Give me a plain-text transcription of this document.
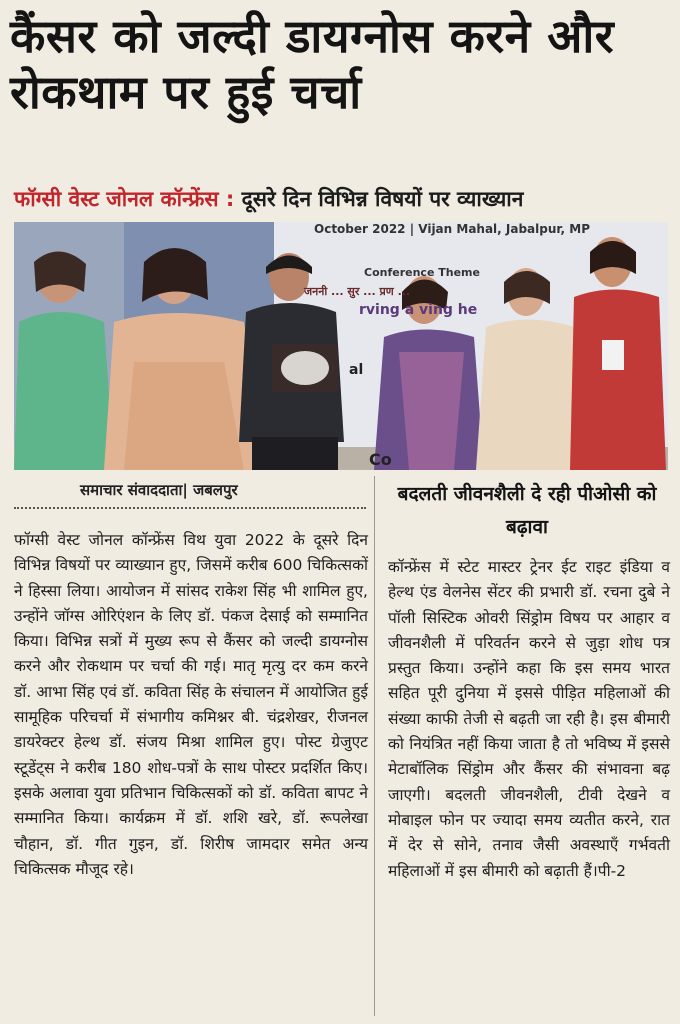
कैंसर को जल्दी डायग्नोस करने और रोकथाम पर हुई चर्चा
फॉग्सी वेस्ट जोनल कॉन्फ्रेंस : दूसरे दिन विभिन्न विषयों पर व्याख्यान
October 2022 | Vijan Mahal, Jabalpur, MP
Conference Theme
जननी ... सुर ... प्रण ...
rving a ving he
al
Co
समाचार संवाददाता| जबलपुर

फॉग्सी वेस्ट जोनल कॉन्फ्रेंस विथ युवा 2022 के दूसरे दिन विभिन्न विषयों पर व्याख्यान हुए, जिसमें करीब 600 चिकित्सकों ने हिस्सा लिया। आयोजन में सांसद राकेश सिंह भी शामिल हुए, उन्होंने जॉग्स ओरिएंशन के लिए डॉ. पंकज देसाई को सम्मानित किया। विभिन्न सत्रों में मुख्य रूप से कैंसर को जल्दी डायग्नोस करने और रोकथाम पर चर्चा की गई। मातृ मृत्यु दर कम करने डॉ. आभा सिंह एवं डॉ. कविता सिंह के संचालन में आयोजित हुई सामूहिक परिचर्चा में संभागीय कमिश्नर बी. चंद्रशेखर, रीजनल डायरेक्टर हेल्थ डॉ. संजय मिश्रा शामिल हुए। पोस्ट ग्रेजुएट स्टूडेंट्स ने करीब 180 शोध-पत्रों के साथ पोस्टर प्रदर्शित किए। इसके अलावा युवा प्रतिभान चिकित्सकों को डॉ. कविता बापट ने सम्मानित किया। कार्यक्रम में डॉ. शशि खरे, डॉ. रूपलेखा चौहान, डॉ. गीत गुइन, डॉ. शिरीष जामदार समेत अन्य चिकित्सक मौजूद रहे।

बदलती जीवनशैली दे रही पीओसी को बढ़ावा

कॉन्फ्रेंस में स्टेट मास्टर ट्रेनर ईट राइट इंडिया व हेल्थ एंड वेलनेस सेंटर की प्रभारी डॉ. रचना दुबे ने पॉली सिस्टिक ओवरी सिंड्रोम विषय पर आहार व जीवनशैली में परिवर्तन करने से जुड़ा शोध पत्र प्रस्तुत किया। उन्होंने कहा कि इस समय भारत सहित पूरी दुनिया में इससे पीड़ित महिलाओं की संख्या काफी तेजी से बढ़ती जा रही है। इस बीमारी को नियंत्रित नहीं किया जाता है तो भविष्य में इससे मेटाबॉलिक सिंड्रोम और कैंसर की संभावना बढ़ जाएगी। बदलती जीवनशैली, टीवी देखने व मोबाइल फोन पर ज्यादा समय व्यतीत करने, रात में देर से सोने, तनाव जैसी अवस्थाएँ गर्भवती महिलाओं में इस बीमारी को बढ़ाती हैं।पी-2
